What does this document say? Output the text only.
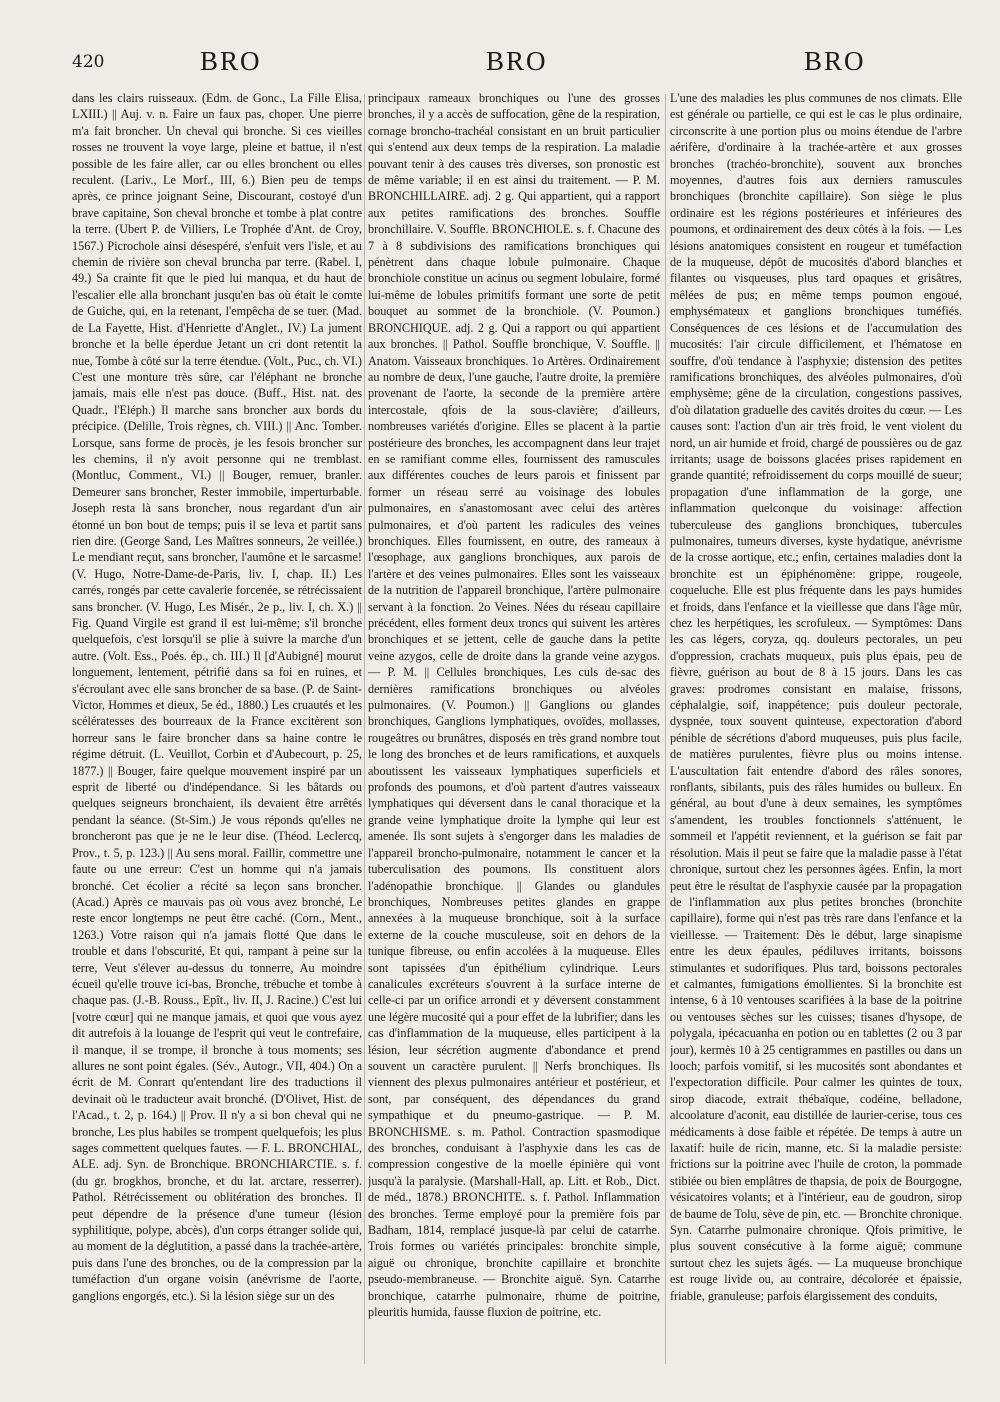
420	BRO	BRO	BRO

dans les clairs ruisseaux. (Edm. de Gonc., La Fille Elisa, LXIII.) || Auj. v. n. Faire un faux pas, choper. Une pierre m'a fait broncher. Un cheval qui bronche. Si ces vieilles rosses ne trouvent la voye large, pleine et battue, il n'est possible de les faire aller, car ou elles bronchent ou elles reculent. (Lariv., Le Morf., III, 6.) Bien peu de temps après, ce prince joignant Seine, Discourant, costoyé d'un brave capitaine, Son cheval bronche et tombe à plat contre la terre. (Ubert P. de Villiers, Le Trophée d'Ant. de Croy, 1567.) Picrochole ainsi désespéré, s'enfuit vers l'isle, et au chemin de rivière son cheval bruncha par terre. (Rabel. I, 49.) Sa crainte fit que le pied lui manqua, et du haut de l'escalier elle alla bronchant jusqu'en bas où était le comte de Guiche, qui, en la retenant, l'empêcha de se tuer. (Mad. de La Fayette, Hist. d'Henriette d'Anglet., IV.) La jument bronche et la belle éperdue Jetant un cri dont retentit la nue, Tombe à côté sur la terre étendue. (Volt., Puc., ch. VI.) C'est une monture très sûre, car l'éléphant ne bronche jamais, mais elle n'est pas douce. (Buff., Hist. nat. des Quadr., l'Eléph.) Il marche sans broncher aux bords du précipice. (Delille, Trois règnes, ch. VIII.) || Anc. Tomber. Lorsque, sans forme de procès, je les fesois broncher sur les chemins, il n'y avoit personne qui ne tremblast. (Montluc, Comment., VI.) || Bouger, remuer, branler. Demeurer sans broncher, Rester immobile, imperturbable. Joseph resta là sans broncher, nous regardant d'un air étonné un bon bout de temps; puis il se leva et partit sans rien dire. (George Sand, Les Maîtres sonneurs, 2e veillée.) Le mendiant reçut, sans broncher, l'aumône et le sarcasme! (V. Hugo, Notre-Dame-de-Paris, liv. I, chap. II.) Les carrés, rongés par cette cavalerie forcenée, se rétrécissaient sans broncher. (V. Hugo, Les Misér., 2e p., liv. I, ch. X.) || Fig. Quand Virgile est grand il est lui-même; s'il bronche quelquefois, c'est lorsqu'il se plie à suivre la marche d'un autre. (Volt. Ess., Poés. ép., ch. III.) Il [d'Aubigné] mourut longuement, lentement, pétrifié dans sa foi en ruines, et s'écroulant avec elle sans broncher de sa base. (P. de Saint-Victor, Hommes et dieux, 5e éd., 1880.) Les cruautés et les scélératesses des bourreaux de la France excitèrent son horreur sans le faire broncher dans sa haine contre le régime détruit. (L. Veuillot, Corbin et d'Aubecourt, p. 25, 1877.) || Bouger, faire quelque mouvement inspiré par un esprit de liberté ou d'indépendance. Si les bâtards ou quelques seigneurs bronchaient, ils devaient être arrêtés pendant la séance. (St-Sim.) Je vous réponds qu'elles ne broncheront pas que je ne le leur dise. (Théod. Leclercq, Prov., t. 5, p. 123.) || Au sens moral. Faillir, commettre une faute ou une erreur: C'est un homme qui n'a jamais bronché. Cet écolier a récité sa leçon sans broncher. (Acad.) Après ce mauvais pas où vous avez bronché, Le reste encor longtemps ne peut être caché. (Corn., Ment., 1263.) Votre raison qui n'a jamais flotté Que dans le trouble et dans l'obscurité, Et qui, rampant à peine sur la terre, Veut s'élever au-dessus du tonnerre, Au moindre écueil qu'elle trouve ici-bas, Bronche, trébuche et tombe à chaque pas. (J.-B. Rouss., Epît., liv. II, J. Racine.) C'est lui [votre cœur] qui ne manque jamais, et quoi que vous ayez dit autrefois à la louange de l'esprit qui veut le contrefaire, il manque, il se trompe, il bronche à tous moments; ses allures ne sont point égales. (Sév., Autogr., VII, 404.) On a écrit de M. Conrart qu'entendant lire des traductions il devinait où le traducteur avait bronché. (D'Olivet, Hist. de l'Acad., t. 2, p. 164.) || Prov. Il n'y a si bon cheval qui ne bronche, Les plus habiles se trompent quelquefois; les plus sages commettent quelques fautes. — F. L. BRONCHIAL, ALE. adj. Syn. de Bronchique. BRONCHIARCTIE. s. f. (du gr. brogkhos, bronche, et du lat. arctare, resserrer). Pathol. Rétrécissement ou oblitération des bronches. Il peut dépendre de la présence d'une tumeur (lésion syphilitique, polype, abcès), d'un corps étranger solide qui, au moment de la déglutition, a passé dans la trachée-artère, puis dans l'une des bronches, ou de la compression par la tuméfaction d'un organe voisin (anévrisme de l'aorte, ganglions engorgés, etc.). Si la lésion siège sur un des

principaux rameaux bronchiques ou l'une des grosses bronches, il y a accès de suffocation, gêne de la respiration, cornage broncho-trachéal consistant en un bruit particulier qui s'entend aux deux temps de la respiration. La maladie pouvant tenir à des causes très diverses, son pronostic est de même variable; il en est ainsi du traitement. — P. M. BRONCHILLAIRE. adj. 2 g. Qui appartient, qui a rapport aux petites ramifications des bronches. Souffle bronchillaire. V. Souffle. BRONCHIOLE. s. f. Chacune des 7 à 8 subdivisions des ramifications bronchiques qui pénètrent dans chaque lobule pulmonaire. Chaque bronchiole constitue un acinus ou segment lobulaire, formé lui-même de lobules primitifs formant une sorte de petit bouquet au sommet de la bronchiole. (V. Poumon.) BRONCHIQUE. adj. 2 g. Qui a rapport ou qui appartient aux bronches. || Pathol. Souffle bronchique, V. Souffle. || Anatom. Vaisseaux bronchiques. 1o Artères. Ordinairement au nombre de deux, l'une gauche, l'autre droite, la première provenant de l'aorte, la seconde de la première artère intercostale, qfois de la sous-clavière; d'ailleurs, nombreuses variétés d'origine. Elles se placent à la partie postérieure des bronches, les accompagnent dans leur trajet en se ramifiant comme elles, fournissent des ramuscules aux différentes couches de leurs parois et finissent par former un réseau serré au voisinage des lobules pulmonaires, en s'anastomosant avec celui des artères pulmonaires, et d'où partent les radicules des veines bronchiques. Elles fournissent, en outre, des rameaux à l'œsophage, aux ganglions bronchiques, aux parois de l'artère et des veines pulmonaires. Elles sont les vaisseaux de la nutrition de l'appareil bronchique, l'artère pulmonaire servant à la fonction. 2o Veines. Nées du réseau capillaire précédent, elles forment deux troncs qui suivent les artères bronchiques et se jettent, celle de gauche dans la petite veine azygos, celle de droite dans la grande veine azygos. — P. M. || Cellules bronchiques, Les culs de-sac des dernières ramifications bronchiques ou alvéoles pulmonaires. (V. Poumon.) || Ganglions ou glandes bronchiques, Ganglions lymphatiques, ovoïdes, mollasses, rougeâtres ou brunâtres, disposés en très grand nombre tout le long des bronches et de leurs ramifications, et auxquels aboutissent les vaisseaux lymphatiques superficiels et profonds des poumons, et d'où partent d'autres vaisseaux lymphatiques qui déversent dans le canal thoracique et la grande veine lymphatique droite la lymphe qui leur est amenée. Ils sont sujets à s'engorger dans les maladies de l'appareil broncho-pulmonaire, notamment le cancer et la tuberculisation des poumons. Ils constituent alors l'adénopathie bronchique. || Glandes ou glandules bronchiques, Nombreuses petites glandes en grappe annexées à la muqueuse bronchique, soit à la surface externe de la couche musculeuse, soit en dehors de la tunique fibreuse, ou enfin accolées à la muqueuse. Elles sont tapissées d'un épithélium cylindrique. Leurs canalicules excréteurs s'ouvrent à la surface interne de celle-ci par un orifice arrondi et y déversent constamment une légère mucosité qui a pour effet de la lubrifier; dans les cas d'inflammation de la muqueuse, elles participent à la lésion, leur sécrétion augmente d'abondance et prend souvent un caractère purulent. || Nerfs bronchiques. Ils viennent des plexus pulmonaires antérieur et postérieur, et sont, par conséquent, des dépendances du grand sympathique et du pneumo-gastrique. — P. M. BRONCHISME. s. m. Pathol. Contraction spasmodique des bronches, conduisant à l'asphyxie dans les cas de compression congestive de la moelle épinière qui vont jusqu'à la paralysie. (Marshall-Hall, ap. Litt. et Rob., Dict. de méd., 1878.) BRONCHITE. s. f. Pathol. Inflammation des bronches. Terme employé pour la première fois par Badham, 1814, remplacé jusque-là par celui de catarrhe. Trois formes ou variétés principales: bronchite simple, aiguë ou chronique, bronchite capillaire et bronchite pseudo-membraneuse. — Bronchite aiguë. Syn. Catarrhe bronchique, catarrhe pulmonaire, rhume de poitrine, pleuritis humida, fausse fluxion de poitrine, etc.

L'une des maladies les plus communes de nos climats. Elle est générale ou partielle, ce qui est le cas le plus ordinaire, circonscrite à une portion plus ou moins étendue de l'arbre aérifère, d'ordinaire à la trachée-artère et aux grosses bronches (trachéo-bronchite), souvent aux bronches moyennes, d'autres fois aux derniers ramuscules bronchiques (bronchite capillaire). Son siège le plus ordinaire est les régions postérieures et inférieures des poumons, et ordinairement des deux côtés à la fois. — Les lésions anatomiques consistent en rougeur et tuméfaction de la muqueuse, dépôt de mucosités d'abord blanches et filantes ou visqueuses, plus tard opaques et grisâtres, mêlées de pus; en même temps poumon engoué, emphysémateux et ganglions bronchiques tuméfiés. Conséquences de ces lésions et de l'accumulation des mucosités: l'air circule difficilement, et l'hématose en souffre, d'où tendance à l'asphyxie; distension des petites ramifications bronchiques, des alvéoles pulmonaires, d'où emphysème; gêne de la circulation, congestions passives, d'où dilatation graduelle des cavités droites du cœur. — Les causes sont: l'action d'un air très froid, le vent violent du nord, un air humide et froid, chargé de poussières ou de gaz irritants; usage de boissons glacées prises rapidement en grande quantité; refroidissement du corps mouillé de sueur; propagation d'une inflammation de la gorge, une inflammation quelconque du voisinage: affection tuberculeuse des ganglions bronchiques, tubercules pulmonaires, tumeurs diverses, kyste hydatique, anévrisme de la crosse aortique, etc.; enfin, certaines maladies dont la bronchite est un épiphénomène: grippe, rougeole, coqueluche. Elle est plus fréquente dans les pays humides et froids, dans l'enfance et la vieillesse que dans l'âge mûr, chez les herpétiques, les scrofuleux. — Symptômes: Dans les cas légers, coryza, qq. douleurs pectorales, un peu d'oppression, crachats muqueux, puis plus épais, peu de fièvre, guérison au bout de 8 à 15 jours. Dans les cas graves: prodromes consistant en malaise, frissons, céphalalgie, soif, inappétence; puis douleur pectorale, dyspnée, toux souvent quinteuse, expectoration d'abord pénible de sécrétions d'abord muqueuses, puis plus facile, de matières purulentes, fièvre plus ou moins intense. L'auscultation fait entendre d'abord des râles sonores, ronflants, sibilants, puis des râles humides ou bulleux. En général, au bout d'une à deux semaines, les symptômes s'amendent, les troubles fonctionnels s'atténuent, le sommeil et l'appétit reviennent, et la guérison se fait par résolution. Mais il peut se faire que la maladie passe à l'état chronique, surtout chez les personnes âgées. Enfin, la mort peut être le résultat de l'asphyxie causée par la propagation de l'inflammation aux plus petites bronches (bronchite capillaire), forme qui n'est pas très rare dans l'enfance et la vieillesse. — Traitement: Dès le début, large sinapisme entre les deux épaules, pédiluves irritants, boissons stimulantes et sudorifiques. Plus tard, boissons pectorales et calmantes, fumigations émollientes. Si la bronchite est intense, 6 à 10 ventouses scarifiées à la base de la poitrine ou ventouses sèches sur les cuisses; tisanes d'hysope, de polygala, ipécacuanha en potion ou en tablettes (2 ou 3 par jour), kermès 10 à 25 centigrammes en pastilles ou dans un looch; parfois vomitif, si les mucosités sont abondantes et l'expectoration difficile. Pour calmer les quintes de toux, sirop diacode, extrait thébaïque, codéine, belladone, alcoolature d'aconit, eau distillée de laurier-cerise, tous ces médicaments à dose faible et répétée. De temps à autre un laxatif: huile de ricin, manne, etc. Si la maladie persiste: frictions sur la poitrine avec l'huile de croton, la pommade stibiée ou bien emplâtres de thapsia, de poix de Bourgogne, vésicatoires volants; et à l'intérieur, eau de goudron, sirop de baume de Tolu, sève de pin, etc. — Bronchite chronique. Syn. Catarrhe pulmonaire chronique. Qfois primitive, le plus souvent consécutive à la forme aiguë; commune surtout chez les sujets âgés. — La muqueuse bronchique est rouge livide ou, au contraire, décolorée et épaissie, friable, granuleuse; parfois élargissement des conduits,
